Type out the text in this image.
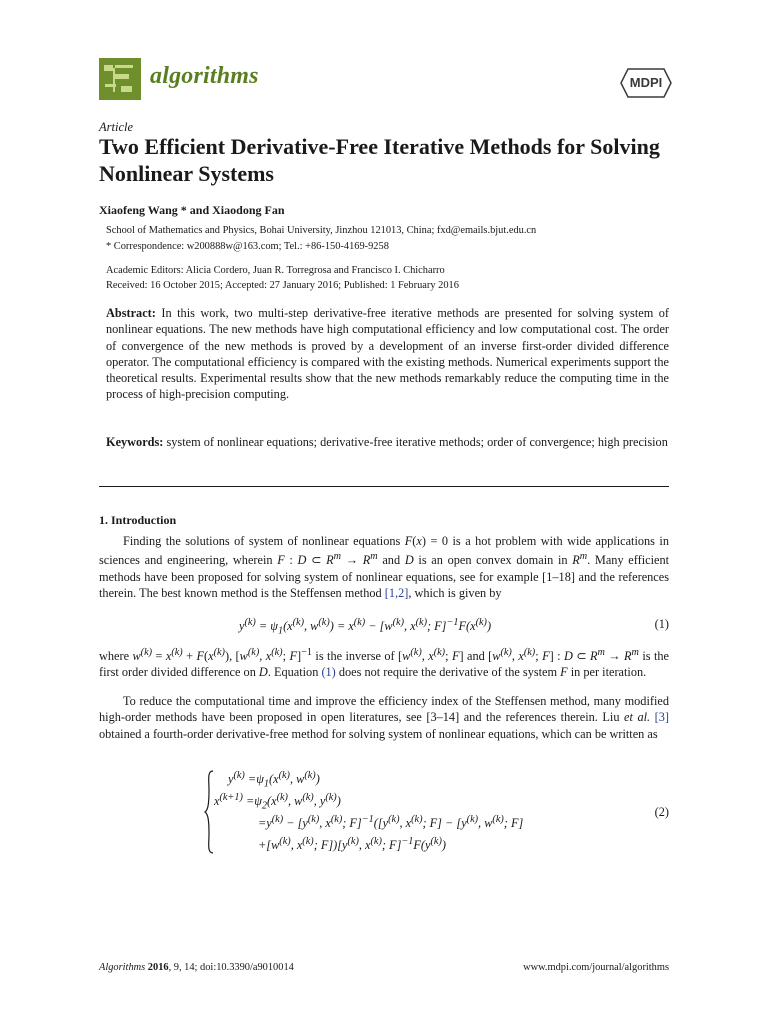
algorithms	MDPI
Article
Two Efficient Derivative-Free Iterative Methods for Solving Nonlinear Systems
Xiaofeng Wang * and Xiaodong Fan
School of Mathematics and Physics, Bohai University, Jinzhou 121013, China; fxd@emails.bjut.edu.cn
* Correspondence: w200888w@163.com; Tel.: +86-150-4169-9258
Academic Editors: Alicia Cordero, Juan R. Torregrosa and Francisco I. Chicharro
Received: 16 October 2015; Accepted: 27 January 2016; Published: 1 February 2016
Abstract: In this work, two multi-step derivative-free iterative methods are presented for solving system of nonlinear equations. The new methods have high computational efficiency and low computational cost. The order of convergence of the new methods is proved by a development of an inverse first-order divided difference operator. The computational efficiency is compared with the existing methods. Numerical experiments support the theoretical results. Experimental results show that the new methods remarkably reduce the computing time in the process of high-precision computing.
Keywords: system of nonlinear equations; derivative-free iterative methods; order of convergence; high precision
1. Introduction
Finding the solutions of system of nonlinear equations F(x) = 0 is a hot problem with wide applications in sciences and engineering, wherein F : D ⊂ $R^m \to R^m$ and D is an open convex domain in $R^m$. Many efficient methods have been proposed for solving system of nonlinear equations, see for example [1–18] and the references therein. The best known method is the Steffensen method [1,2], which is given by
$y^{(k)} = \psi_1(x^{(k)}$, $w^{(k)}) = x^{(k)} - [w^{(k)}$, $x^{(k)}$; $F]^{-1}F(x^{(k)})$	(1)
where $w^{(k)} = x^{(k)} + F(x^{(k)})$, [$w^{(k)}$, $x^{(k)}$; F]$^{-1}$ is the inverse of [$w^{(k)}$, $x^{(k)}$; F] and [$w^{(k)}$, $x^{(k)}$; F] : D ⊂ $R^m \to R^m$ is the first order divided difference on D. Equation (1) does not require the derivative of the system F in per iteration.
To reduce the computational time and improve the efficiency index of the Steffensen method, many modified high-order methods have been proposed in open literatures, see [3–14] and the references therein. Liu et al. [3] obtained a fourth-order derivative-free method for solving system of nonlinear equations, which can be written as
$y^{(k)} =\psi_1(x^{(k)}$, $w^{(k)}$)
$x^{(k+1)} =\psi_2(x^{(k)}$, $w^{(k)}$, $y^{(k)}$)
$=y^{(k)} - [y^{(k)}$, $x^{(k)}$; $F]^{-1}([y^{(k)}$, $x^{(k)}$; $F] - [y^{(k)}$, $w^{(k)}$; F]
$+[w^{(k)}$, $x^{(k)}$; $F])[y^{(k)}$, $x^{(k)}$; $F]^{-1}F(y^{(k)})$
(2)
Algorithms 2016, 9, 14; doi:10.3390/a9010014	www.mdpi.com/journal/algorithms
